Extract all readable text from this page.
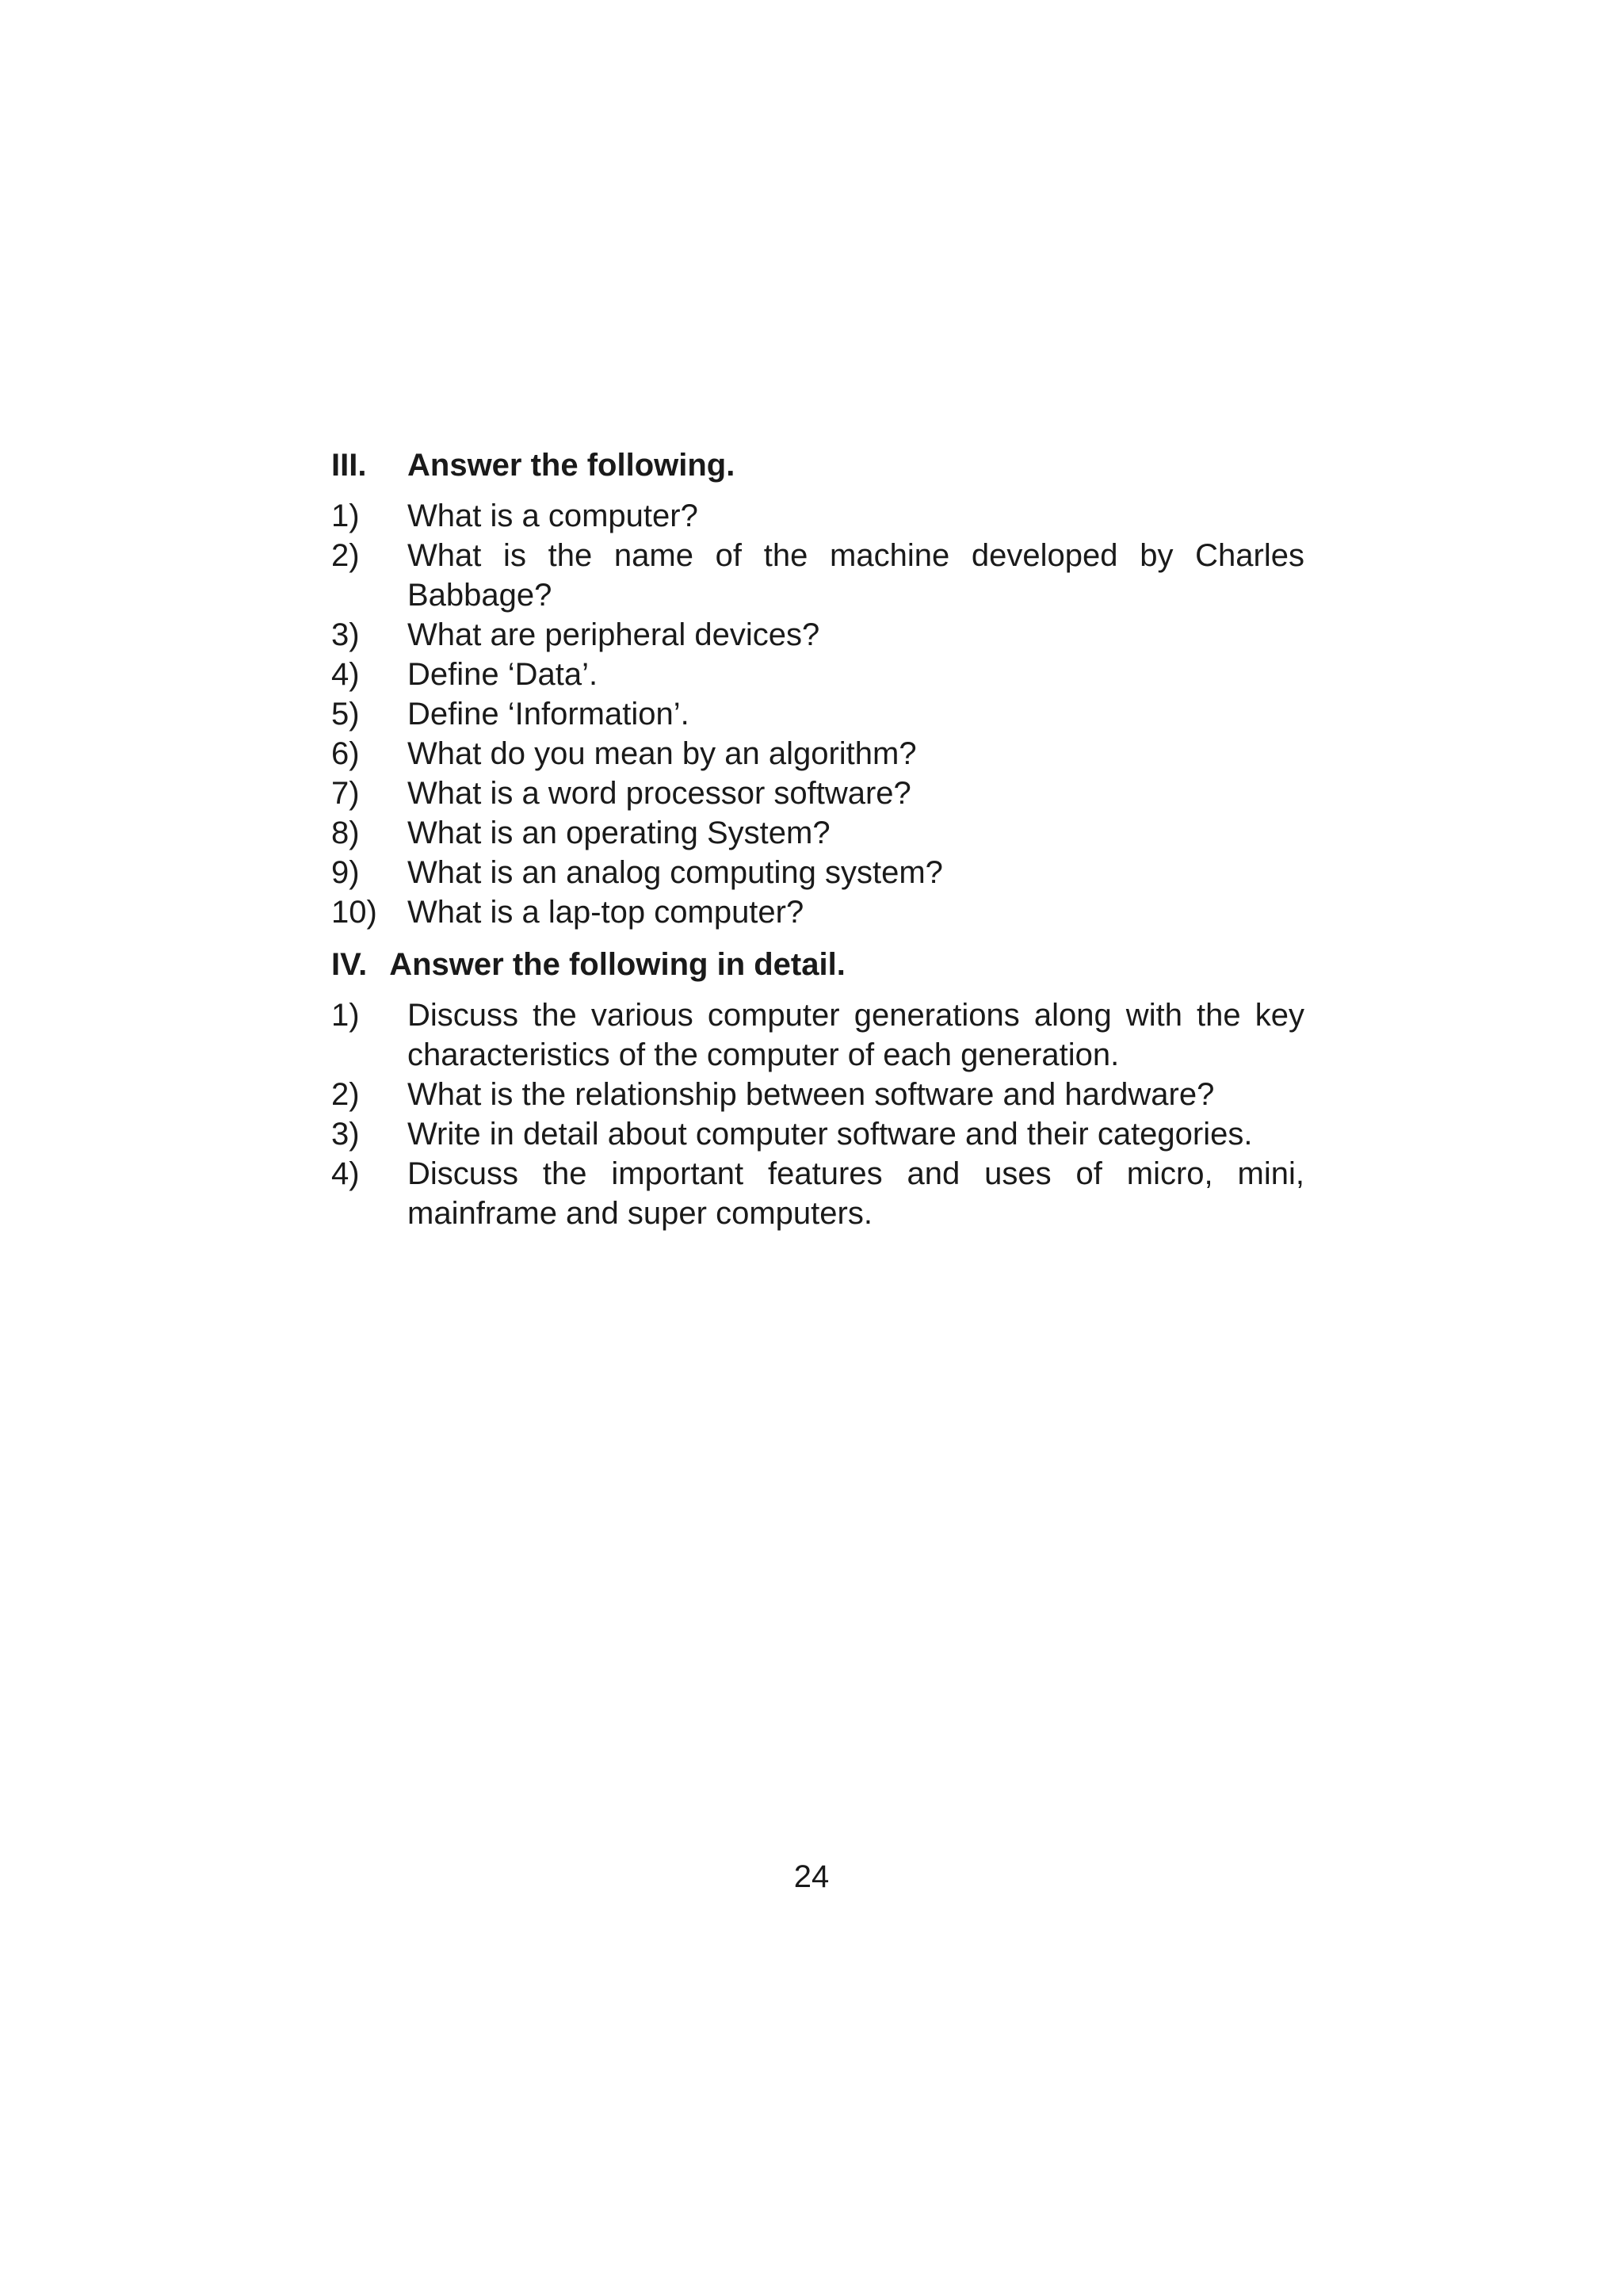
III.	Answer the following.
1)	What is a computer?
2)	What is the name of the machine developed by Charles Babbage?
3)	What are peripheral devices?
4)	Define ‘Data’.
5)	Define ‘Information’.
6)	What do you mean by an algorithm?
7)	What is a word processor software?
8)	What is an operating System?
9)	What is an analog computing system?
10) What is a lap-top computer?
IV. Answer the following in detail.
1)	Discuss the various computer generations along with the key characteristics of the computer of each generation.
2)	What is the relationship between software and hardware?
3)	Write in detail about computer software and their categories.
4)	Discuss the important features and uses of micro, mini, mainframe and super computers.
24
